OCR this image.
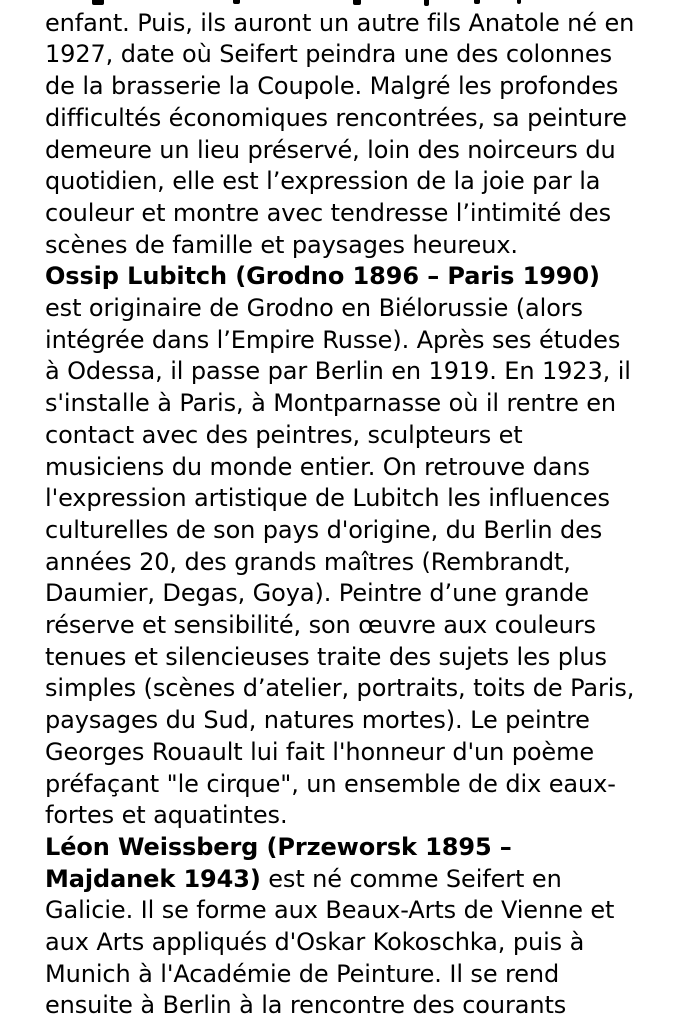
enfant. Puis, ils auront un autre fils Anatole né en
1927, date où Seifert peindra une des colonnes
de la brasserie la Coupole. Malgré les profondes
difficultés économiques rencontrées, sa peinture
demeure un lieu préservé, loin des noirceurs du
quotidien, elle est l’expression de la joie par la
couleur et montre avec tendresse l’intimité des
scènes de famille et paysages heureux.
Ossip Lubitch (Grodno 1896 – Paris 1990)
est originaire de Grodno en Biélorussie (alors
intégrée dans l’Empire Russe). Après ses études
à Odessa, il passe par Berlin en 1919. En 1923, il
s'installe à Paris, à Montparnasse où il rentre en
contact avec des peintres, sculpteurs et
musiciens du monde entier. On retrouve dans
l'expression artistique de Lubitch les influences
culturelles de son pays d'origine, du Berlin des
années 20, des grands maîtres (Rembrandt,
Daumier, Degas, Goya). Peintre d’une grande
réserve et sensibilité, son œuvre aux couleurs
tenues et silencieuses traite des sujets les plus
simples (scènes d’atelier, portraits, toits de Paris,
paysages du Sud, natures mortes). Le peintre
Georges Rouault lui fait l'honneur d'un poème
préfaçant "le cirque", un ensemble de dix eaux-
fortes et aquatintes.
Léon Weissberg (Przeworsk 1895 –
Majdanek 1943) est né comme Seifert en
Galicie. Il se forme aux Beaux-Arts de Vienne et
aux Arts appliqués d'Oskar Kokoschka, puis à
Munich à l'Académie de Peinture. Il se rend
ensuite à Berlin à la rencontre des courants
